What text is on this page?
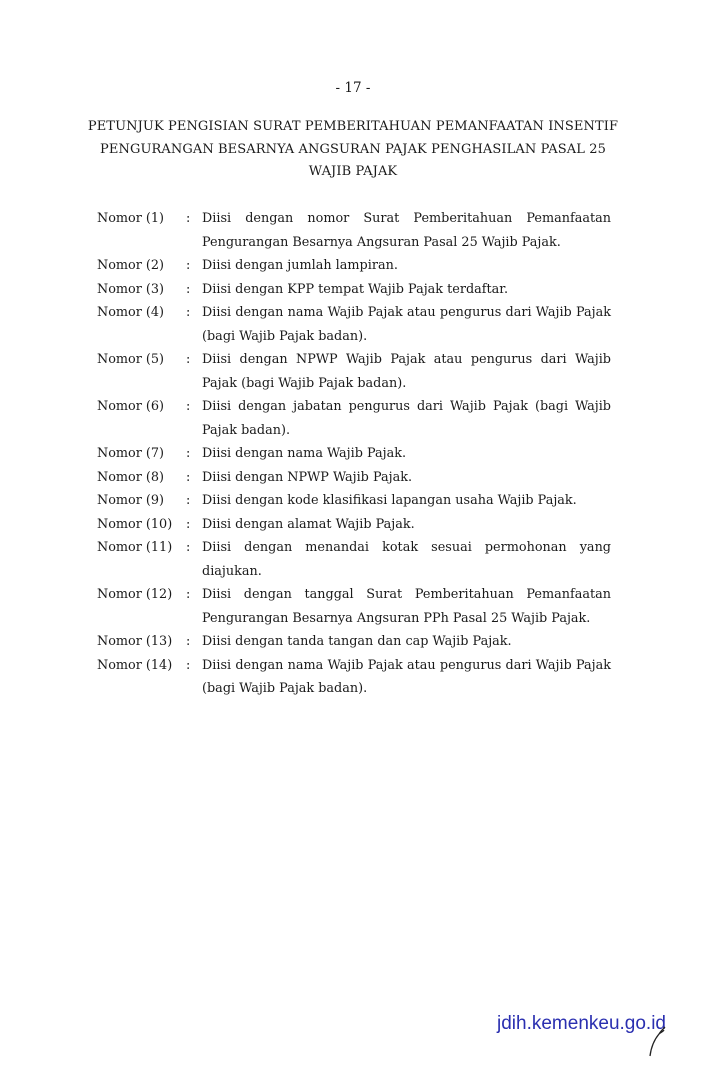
- 17 -
PETUNJUK PENGISIAN SURAT PEMBERITAHUAN PEMANFAATAN INSENTIF
PENGURANGAN BESARNYA ANGSURAN PAJAK PENGHASILAN PASAL 25
WAJIB PAJAK
Nomor (1)	: Diisi dengan nomor Surat Pemberitahuan Pemanfaatan Pengurangan Besarnya Angsuran Pasal 25 Wajib Pajak.
Nomor (2)	: Diisi dengan jumlah lampiran.
Nomor (3)	: Diisi dengan KPP tempat Wajib Pajak terdaftar.
Nomor (4)	: Diisi dengan nama Wajib Pajak atau pengurus dari Wajib Pajak (bagi Wajib Pajak badan).
Nomor (5)	: Diisi dengan NPWP Wajib Pajak atau pengurus dari Wajib Pajak (bagi Wajib Pajak badan).
Nomor (6)	: Diisi dengan jabatan pengurus dari Wajib Pajak (bagi Wajib Pajak badan).
Nomor (7)	: Diisi dengan nama Wajib Pajak.
Nomor (8)	: Diisi dengan NPWP Wajib Pajak.
Nomor (9)	: Diisi dengan kode klasifikasi lapangan usaha Wajib Pajak.
Nomor (10)	: Diisi dengan alamat Wajib Pajak.
Nomor (11)	: Diisi dengan menandai kotak sesuai permohonan yang diajukan.
Nomor (12)	: Diisi dengan tanggal Surat Pemberitahuan Pemanfaatan Pengurangan Besarnya Angsuran PPh Pasal 25 Wajib Pajak.
Nomor (13)	: Diisi dengan tanda tangan dan cap Wajib Pajak.
Nomor (14)	: Diisi dengan nama Wajib Pajak atau pengurus dari Wajib Pajak (bagi Wajib Pajak badan).
jdih.kemenkeu.go.id
